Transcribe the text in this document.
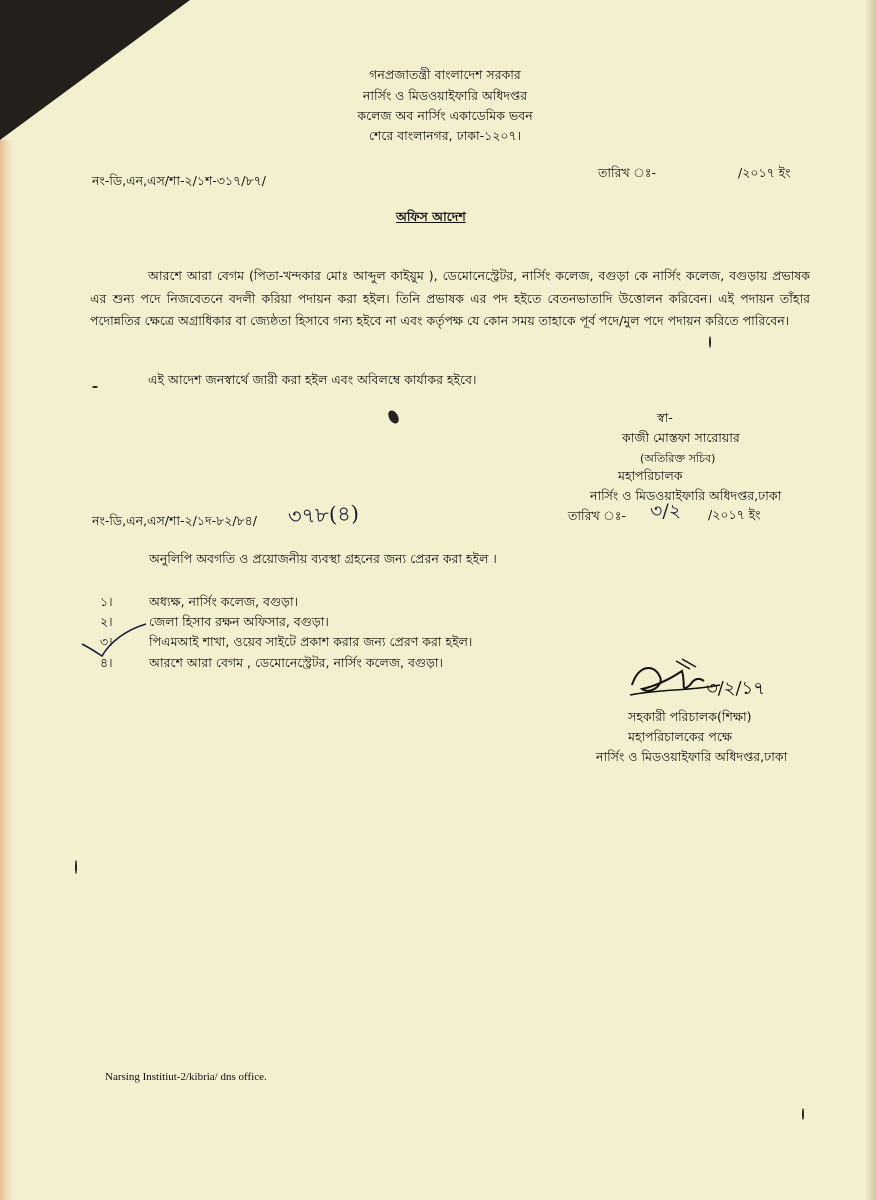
গনপ্রজাতন্ত্রী বাংলাদেশ সরকার
নার্সিং ও মিডওয়াইফারি অধিদপ্তর
কলেজ অব নার্সিং একাডেমিক ভবন
শেরে বাংলানগর, ঢাকা-১২০৭।
নং-ডি,এন,এস/শা-২/১শ-৩১৭/৮৭/
তারিখ ঃ-	/২০১৭ ইং
অফিস আদেশ
আরশে আরা বেগম (পিতা-খন্দকার মোঃ আব্দুল কাইয়ুম ), ডেমোনেস্ট্রেটর, নার্সিং কলেজ, বগুড়া কে নার্সিং কলেজ, বগুড়ায় প্রভাষক এর শুন্য পদে নিজবেতনে বদলী করিয়া পদায়ন করা হইল। তিনি প্রভাষক এর পদ হইতে বেতনভাতাদি উত্তোলন করিবেন। এই পদায়ন তাঁহার পদোন্নতির ক্ষেত্রে অগ্রাধিকার বা জ্যেষ্ঠতা হিসাবে গন্য হইবে না এবং কর্তৃপক্ষ যে কোন সময় তাহাকে পূর্ব পদে/মুল পদে পদায়ন করিতে পারিবেন।
এই আদেশ জনস্বার্থে জারী করা হইল এবং অবিলম্বে কার্যাকর হইবে।
স্বা-
কাজী মোস্তফা সারোয়ার
(অতিরিক্ত সচিব)
মহাপরিচালক
নার্সিং ও মিডওয়াইফারি অধিদপ্তর,ঢাকা
নং-ডি,এন,এস/শা-২/১দ-৮২/৮৪/ ৩৭৮(৪)	তারিখ ঃ- ৩/২ /২০১৭ ইং
অনুলিপি অবগতি ও প্রয়োজনীয় ব্যবস্থা গ্রহনের জন্য প্রেরন করা হইল ।
১।	অধ্যক্ষ, নার্সিং কলেজ, বগুড়া।
২।	জেলা হিসাব রক্ষন অফিসার, বগুড়া।
৩।	পিএমআই শাখা, ওয়েব সাইটে প্রকাশ করার জন্য প্রেরণ করা হইল।
৪।	আরশে আরা বেগম , ডেমোনেস্ট্রেটর, নার্সিং কলেজ, বগুড়া।
৩/২/১৭
সহকারী পরিচালক(শিক্ষা)
মহাপরিচালকের পক্ষে
নার্সিং ও মিডওয়াইফারি অধিদপ্তর,ঢাকা
Narsing Institiut-2/kibria/ dns office.
